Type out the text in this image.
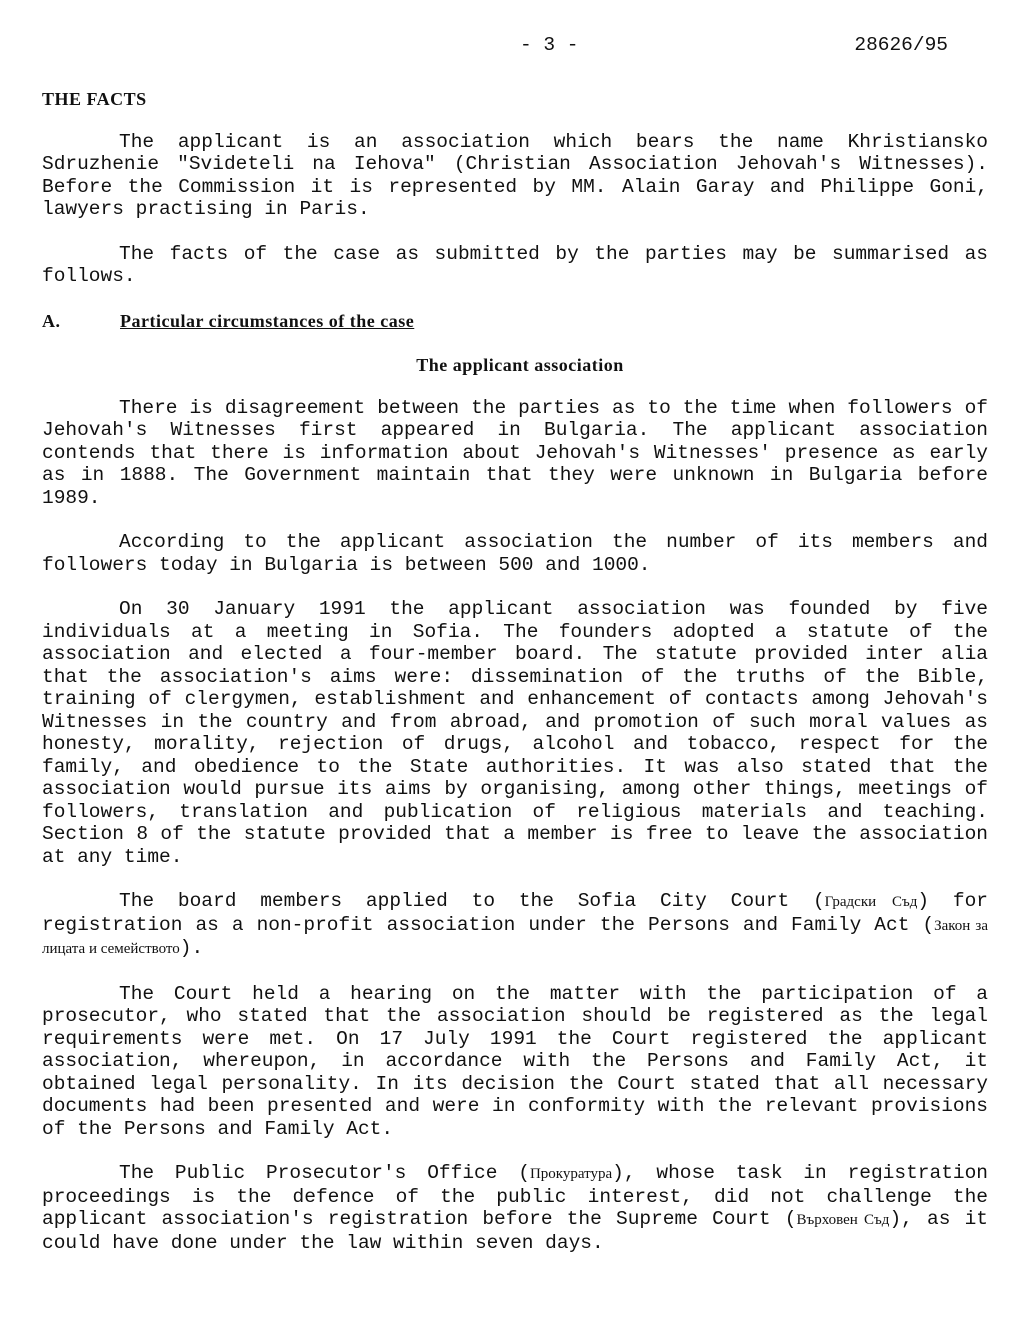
- 3 -	28626/95
THE FACTS

The applicant is an association which bears the name Khristiansko Sdruzhenie "Svideteli na Iehova" (Christian Association Jehovah's Witnesses). Before the Commission it is represented by MM. Alain Garay and Philippe Goni, lawyers practising in Paris.

The facts of the case as submitted by the parties may be summarised as follows.

A.	Particular circumstances of the case
The applicant association

There is disagreement between the parties as to the time when followers of Jehovah's Witnesses first appeared in Bulgaria. The applicant association contends that there is information about Jehovah's Witnesses' presence as early as in 1888. The Government maintain that they were unknown in Bulgaria before 1989.

According to the applicant association the number of its members and followers today in Bulgaria is between 500 and 1000.

On 30 January 1991 the applicant association was founded by five individuals at a meeting in Sofia. The founders adopted a statute of the association and elected a four-member board. The statute provided inter alia that the association's aims were: dissemination of the truths of the Bible, training of clergymen, establishment and enhancement of contacts among Jehovah's Witnesses in the country and from abroad, and promotion of such moral values as honesty, morality, rejection of drugs, alcohol and tobacco, respect for the family, and obedience to the State authorities. It was also stated that the association would pursue its aims by organising, among other things, meetings of followers, translation and publication of religious materials and teaching. Section 8 of the statute provided that a member is free to leave the association at any time.

The board members applied to the Sofia City Court (Градски Съд) for registration as a non-profit association under the Persons and Family Act (Закон за лицата и семейството).

The Court held a hearing on the matter with the participation of a prosecutor, who stated that the association should be registered as the legal requirements were met. On 17 July 1991 the Court registered the applicant association, whereupon, in accordance with the Persons and Family Act, it obtained legal personality. In its decision the Court stated that all necessary documents had been presented and were in conformity with the relevant provisions of the Persons and Family Act.

The Public Prosecutor's Office (Прокуратура), whose task in registration proceedings is the defence of the public interest, did not challenge the applicant association's registration before the Supreme Court (Върховен Съд), as it could have done under the law within seven days.
